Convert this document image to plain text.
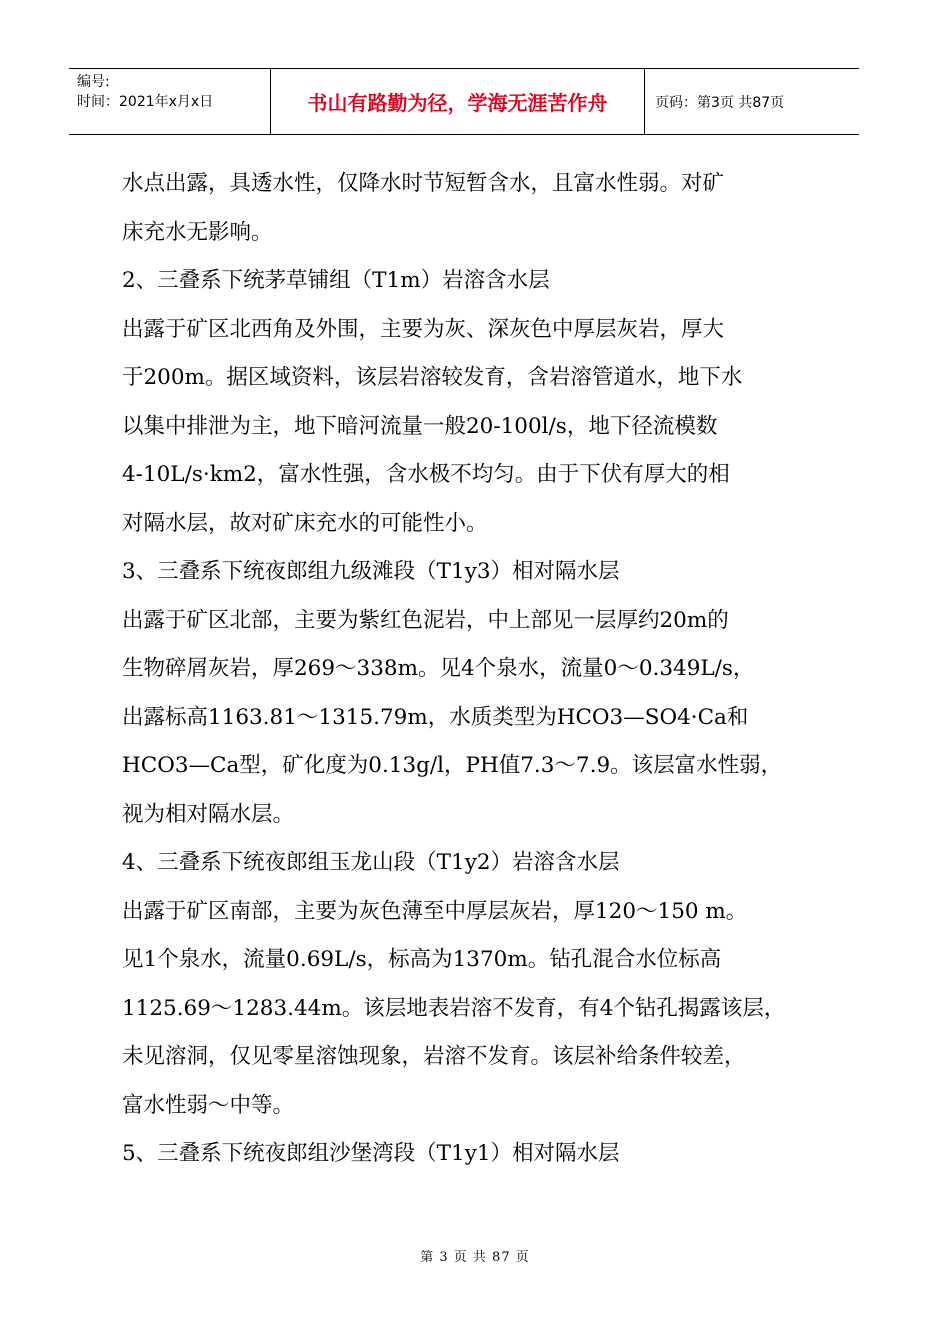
编号:
时间：2021年x月x日	书山有路勤为径，学海无涯苦作舟	页码：第3页 共87页
水点出露，具透水性，仅降水时节短暂含水，且富水性弱。对矿
床充水无影响。
2、三叠系下统茅草铺组（T1m）岩溶含水层
出露于矿区北西角及外围，主要为灰、深灰色中厚层灰岩，厚大
于200m。据区域资料，该层岩溶较发育，含岩溶管道水，地下水
以集中排泄为主，地下暗河流量一般20-100l/s，地下径流模数
4-10L/s·km2，富水性强，含水极不均匀。由于下伏有厚大的相
对隔水层，故对矿床充水的可能性小。
3、三叠系下统夜郎组九级滩段（T1y3）相对隔水层
出露于矿区北部，主要为紫红色泥岩，中上部见一层厚约20m的
生物碎屑灰岩，厚269～338m。见4个泉水，流量0～0.349L/s，
出露标高1163.81～1315.79m，水质类型为HCO3—SO4·Ca和
HCO3—Ca型，矿化度为0.13g/l，PH值7.3～7.9。该层富水性弱，
视为相对隔水层。
4、三叠系下统夜郎组玉龙山段（T1y2）岩溶含水层
出露于矿区南部，主要为灰色薄至中厚层灰岩，厚120～150 m。
见1个泉水，流量0.69L/s，标高为1370m。钻孔混合水位标高
1125.69～1283.44m。该层地表岩溶不发育，有4个钻孔揭露该层，
未见溶洞，仅见零星溶蚀现象，岩溶不发育。该层补给条件较差，
富水性弱～中等。
5、三叠系下统夜郎组沙堡湾段（T1y1）相对隔水层
第 3 页 共 87 页
